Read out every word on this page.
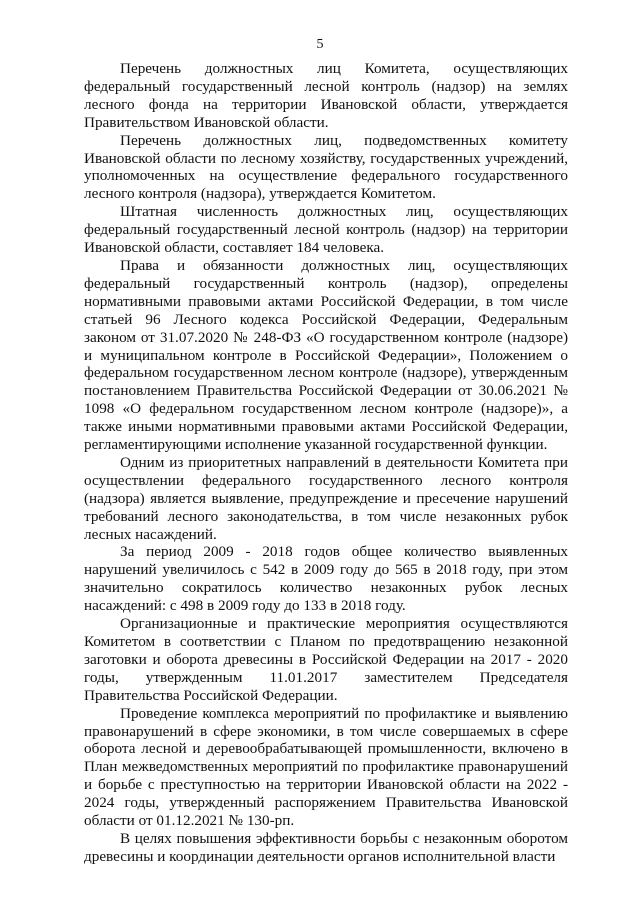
5

Перечень должностных лиц Комитета, осуществляющих федеральный государственный лесной контроль (надзор) на землях лесного фонда на территории Ивановской области, утверждается Правительством Ивановской области.

Перечень должностных лиц, подведомственных комитету Ивановской области по лесному хозяйству, государственных учреждений, уполномоченных на осуществление федерального государственного лесного контроля (надзора), утверждается Комитетом.

Штатная численность должностных лиц, осуществляющих федеральный государственный лесной контроль (надзор) на территории Ивановской области, составляет 184 человека.

Права и обязанности должностных лиц, осуществляющих федеральный государственный контроль (надзор), определены нормативными правовыми актами Российской Федерации, в том числе статьей 96 Лесного кодекса Российской Федерации, Федеральным законом от 31.07.2020 № 248-ФЗ «О государственном контроле (надзоре) и муниципальном контроле в Российской Федерации», Положением о федеральном государственном лесном контроле (надзоре), утвержденным постановлением Правительства Российской Федерации от 30.06.2021 № 1098 «О федеральном государственном лесном контроле (надзоре)», а также иными нормативными правовыми актами Российской Федерации, регламентирующими исполнение указанной государственной функции.

Одним из приоритетных направлений в деятельности Комитета при осуществлении федерального государственного лесного контроля (надзора) является выявление, предупреждение и пресечение нарушений требований лесного законодательства, в том числе незаконных рубок лесных насаждений.

За период 2009 - 2018 годов общее количество выявленных нарушений увеличилось с 542 в 2009 году до 565 в 2018 году, при этом значительно сократилось количество незаконных рубок лесных насаждений: с 498 в 2009 году до 133 в 2018 году.

Организационные и практические мероприятия осуществляются Комитетом в соответствии с Планом по предотвращению незаконной заготовки и оборота древесины в Российской Федерации на 2017 - 2020 годы, утвержденным 11.01.2017 заместителем Председателя Правительства Российской Федерации.

Проведение комплекса мероприятий по профилактике и выявлению правонарушений в сфере экономики, в том числе совершаемых в сфере оборота лесной и деревообрабатывающей промышленности, включено в План межведомственных мероприятий по профилактике правонарушений и борьбе с преступностью на территории Ивановской области на 2022 - 2024 годы, утвержденный распоряжением Правительства Ивановской области от 01.12.2021 № 130-рп.

В целях повышения эффективности борьбы с незаконным оборотом древесины и координации деятельности органов исполнительной власти
